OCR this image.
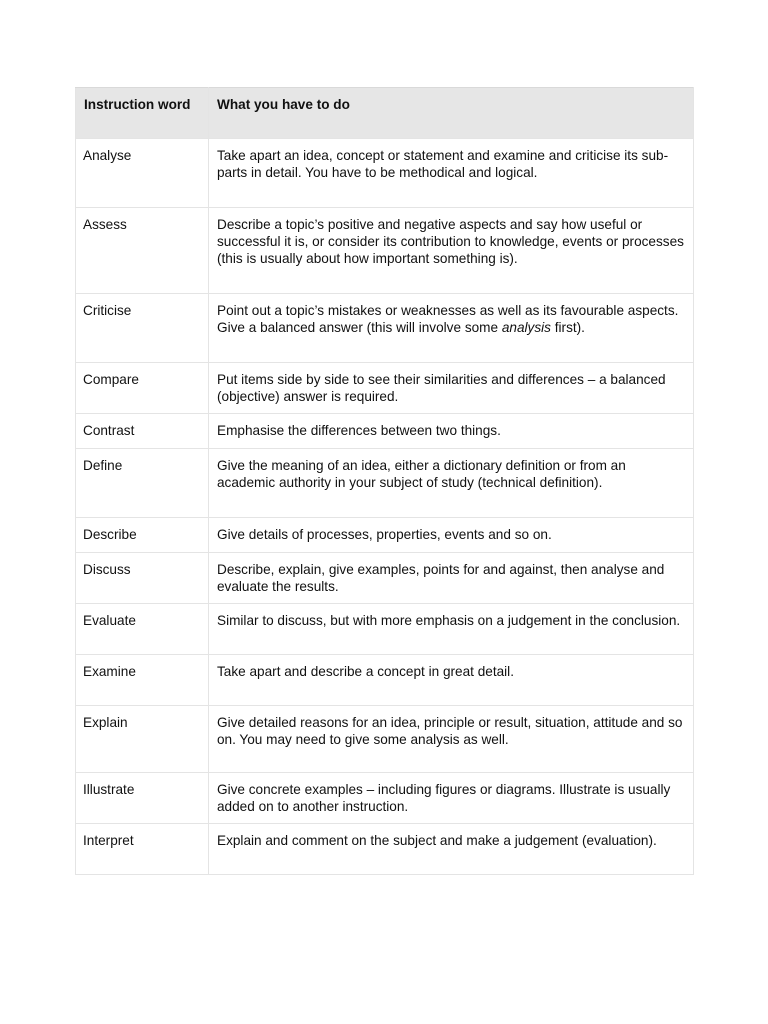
Instruction word	What you have to do
Analyse	Take apart an idea, concept or statement and examine and criticise its sub-parts in detail. You have to be methodical and logical.
Assess	Describe a topic’s positive and negative aspects and say how useful or successful it is, or consider its contribution to knowledge, events or processes (this is usually about how important something is).
Criticise	Point out a topic’s mistakes or weaknesses as well as its favourable aspects. Give a balanced answer (this will involve some analysis first).
Compare	Put items side by side to see their similarities and differences – a balanced (objective) answer is required.
Contrast	Emphasise the differences between two things.
Define	Give the meaning of an idea, either a dictionary definition or from an academic authority in your subject of study (technical definition).
Describe	Give details of processes, properties, events and so on.
Discuss	Describe, explain, give examples, points for and against, then analyse and evaluate the results.
Evaluate	Similar to discuss, but with more emphasis on a judgement in the conclusion.
Examine	Take apart and describe a concept in great detail.
Explain	Give detailed reasons for an idea, principle or result, situation, attitude and so on. You may need to give some analysis as well.
Illustrate	Give concrete examples – including figures or diagrams. Illustrate is usually added on to another instruction.
Interpret	Explain and comment on the subject and make a judgement (evaluation).
